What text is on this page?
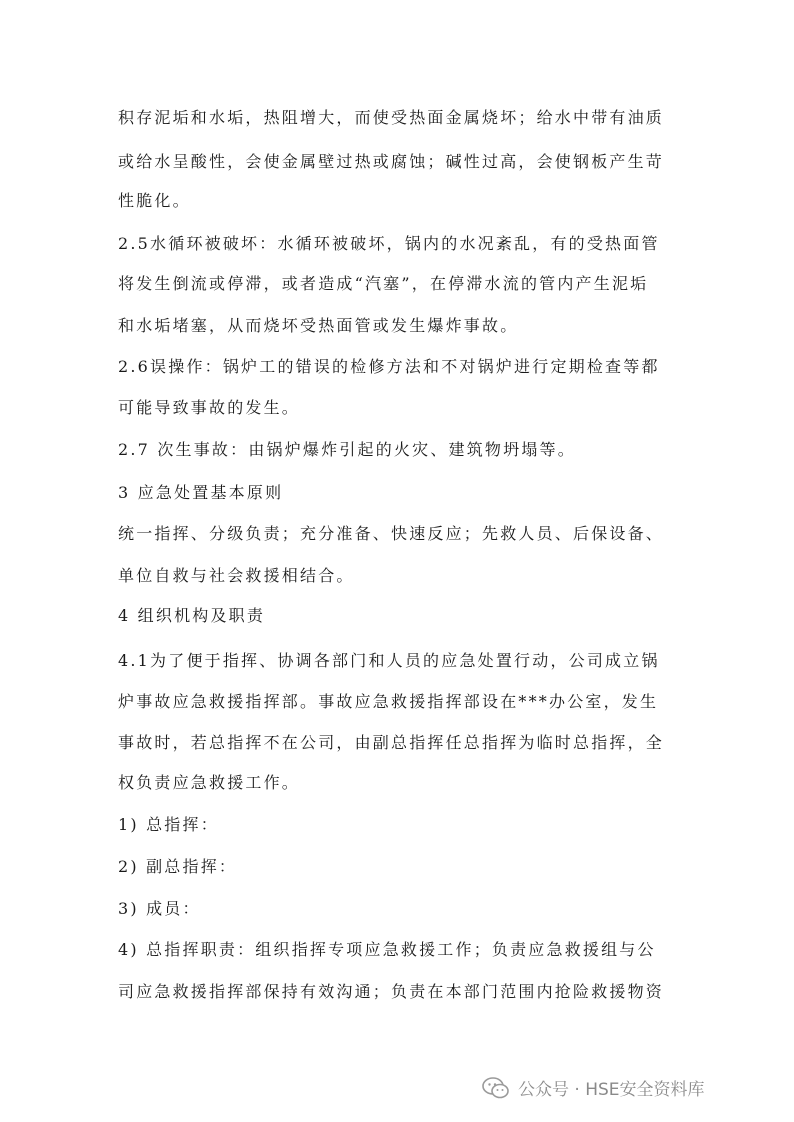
积存泥垢和水垢，热阻增大，而使受热面金属烧坏；给水中带有油质
或给水呈酸性，会使金属壁过热或腐蚀；碱性过高，会使钢板产生苛
性脆化。
2.5水循环被破坏：水循环被破坏，锅内的水况紊乱，有的受热面管
将发生倒流或停滞，或者造成“汽塞”，在停滞水流的管内产生泥垢
和水垢堵塞，从而烧坏受热面管或发生爆炸事故。
2.6误操作：锅炉工的错误的检修方法和不对锅炉进行定期检查等都
可能导致事故的发生。
2.7 次生事故：由锅炉爆炸引起的火灾、建筑物坍塌等。
3 应急处置基本原则
统一指挥、分级负责；充分准备、快速反应；先救人员、后保设备、
单位自救与社会救援相结合。
4 组织机构及职责
4.1为了便于指挥、协调各部门和人员的应急处置行动，公司成立锅
炉事故应急救援指挥部。事故应急救援指挥部设在***办公室，发生
事故时，若总指挥不在公司，由副总指挥任总指挥为临时总指挥，全
权负责应急救援工作。
1) 总指挥：
2) 副总指挥：
3) 成员：
4) 总指挥职责：组织指挥专项应急救援工作；负责应急救援组与公
司应急救援指挥部保持有效沟通；负责在本部门范围内抢险救援物资
公众号 · HSE安全资料库
